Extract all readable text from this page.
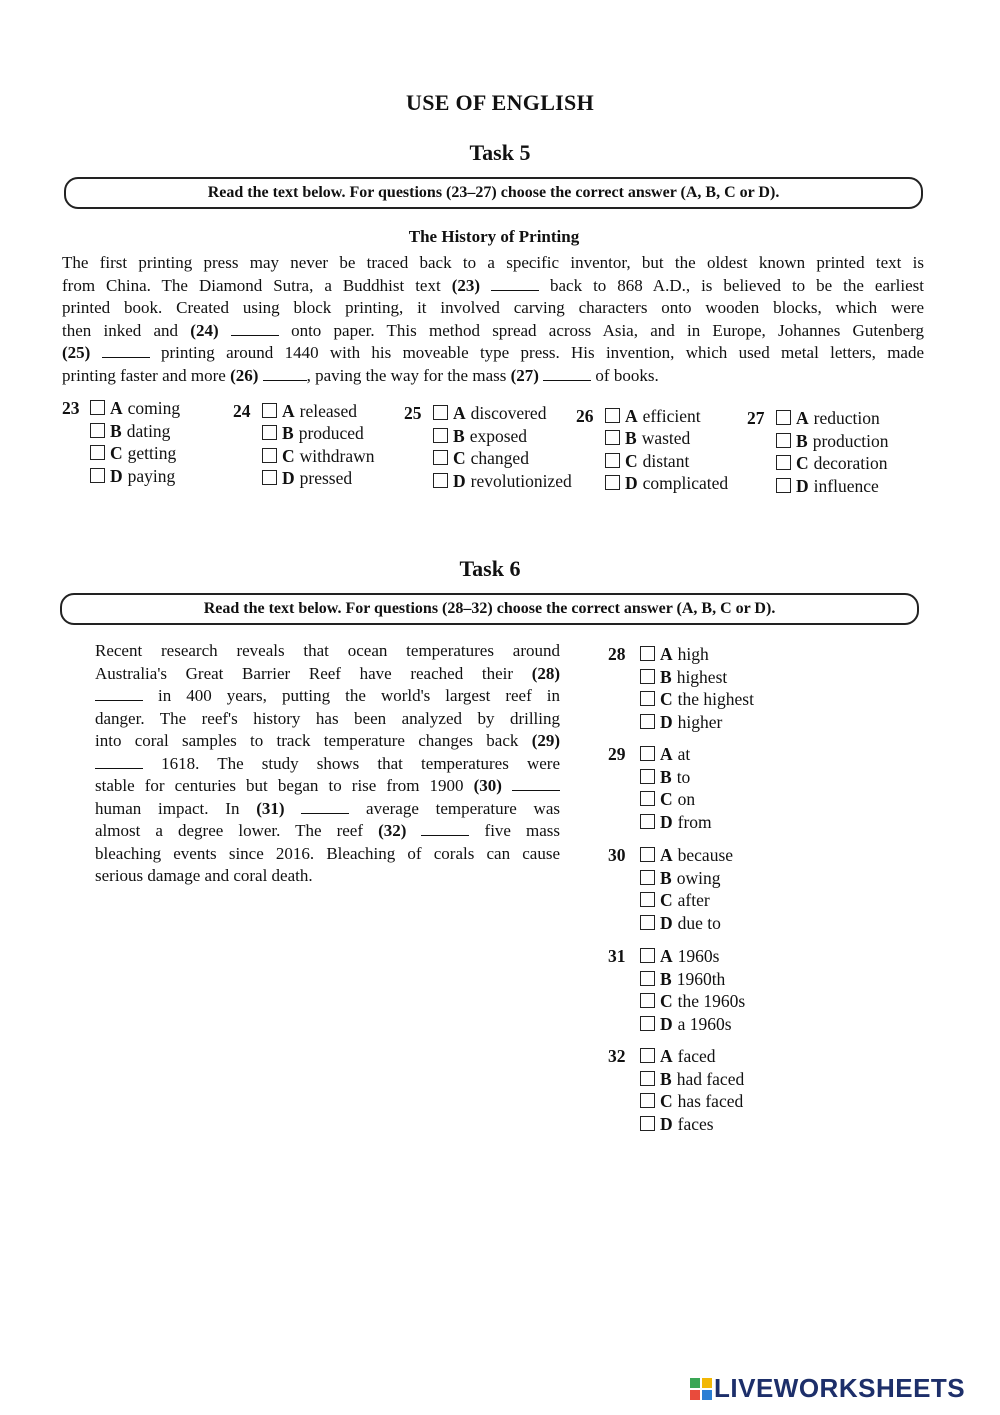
USE OF ENGLISH
Task 5
Read the text below. For questions (23–27) choose the correct answer (A, B, C or D).
The History of Printing
The first printing press may never be traced back to a specific inventor, but the oldest known printed text is
from China. The Diamond Sutra, a Buddhist text (23)	back to 868 A.D., is believed to be the earliest
printed book. Created using block printing, it involved carving characters onto wooden blocks, which were
then inked and (24)	onto paper. This method spread across Asia, and in Europe, Johannes Gutenberg
(25)	printing around 1440 with his moveable type press. His invention, which used metal letters, made
printing faster and more (26)	, paving the way for the mass (27)	of books.
23	A coming
B dating
C getting
D paying
24	A released
B produced
C withdrawn
D pressed
25	A discovered
B exposed
C changed
D revolutionized
26	A efficient
B wasted
C distant
D complicated
27	A reduction
B production
C decoration
D influence
Task 6
Read the text below. For questions (28–32) choose the correct answer (A, B, C or D).
Recent research reveals that ocean temperatures around
Australia's Great Barrier Reef have reached their (28)
in 400 years, putting the world's largest reef in
danger. The reef's history has been analyzed by drilling
into coral samples to track temperature changes back (29)
1618. The study shows that temperatures were
stable for centuries but began to rise from 1900 (30)
human impact. In (31)	average temperature was
almost a degree lower. The reef (32)	five mass
bleaching events since 2016. Bleaching of corals can cause
serious damage and coral death.
28	A high
B highest
C the highest
D higher
29	A at
B to
C on
D from
30	A because
B owing
C after
D due to
31	A 1960s
B 1960th
C the 1960s
D a 1960s
32	A faced
B had faced
C has faced
D faces
LIVEWORKSHEETS
